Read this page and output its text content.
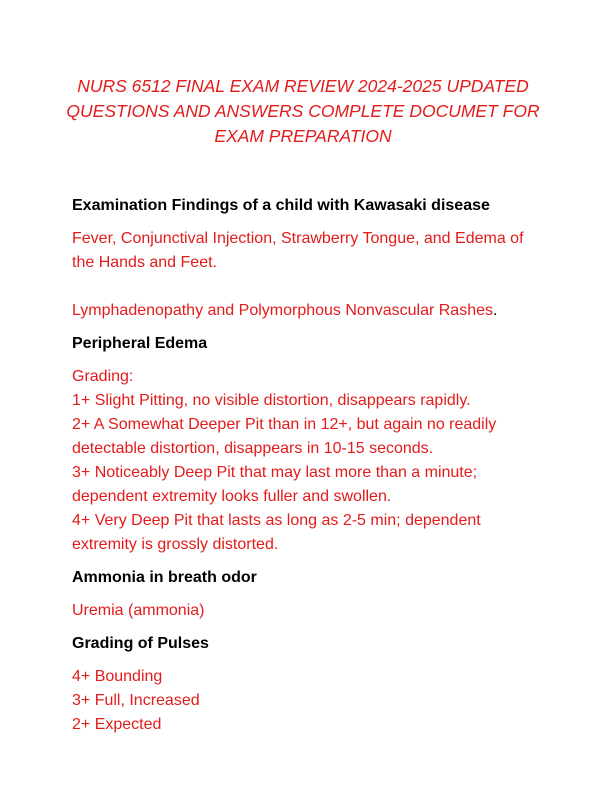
NURS 6512 FINAL EXAM REVIEW 2024-2025 UPDATED
QUESTIONS AND ANSWERS COMPLETE DOCUMET FOR
EXAM PREPARATION
Examination Findings of a child with Kawasaki disease
Fever, Conjunctival Injection, Strawberry Tongue, and Edema of
the Hands and Feet.
Lymphadenopathy and Polymorphous Nonvascular Rashes.
Peripheral Edema
Grading:
1+ Slight Pitting, no visible distortion, disappears rapidly.
2+ A Somewhat Deeper Pit than in 12+, but again no readily
detectable distortion, disappears in 10-15 seconds.
3+ Noticeably Deep Pit that may last more than a minute;
dependent extremity looks fuller and swollen.
4+ Very Deep Pit that lasts as long as 2-5 min; dependent
extremity is grossly distorted.
Ammonia in breath odor
Uremia (ammonia)
Grading of Pulses
4+ Bounding
3+ Full, Increased
2+ Expected
